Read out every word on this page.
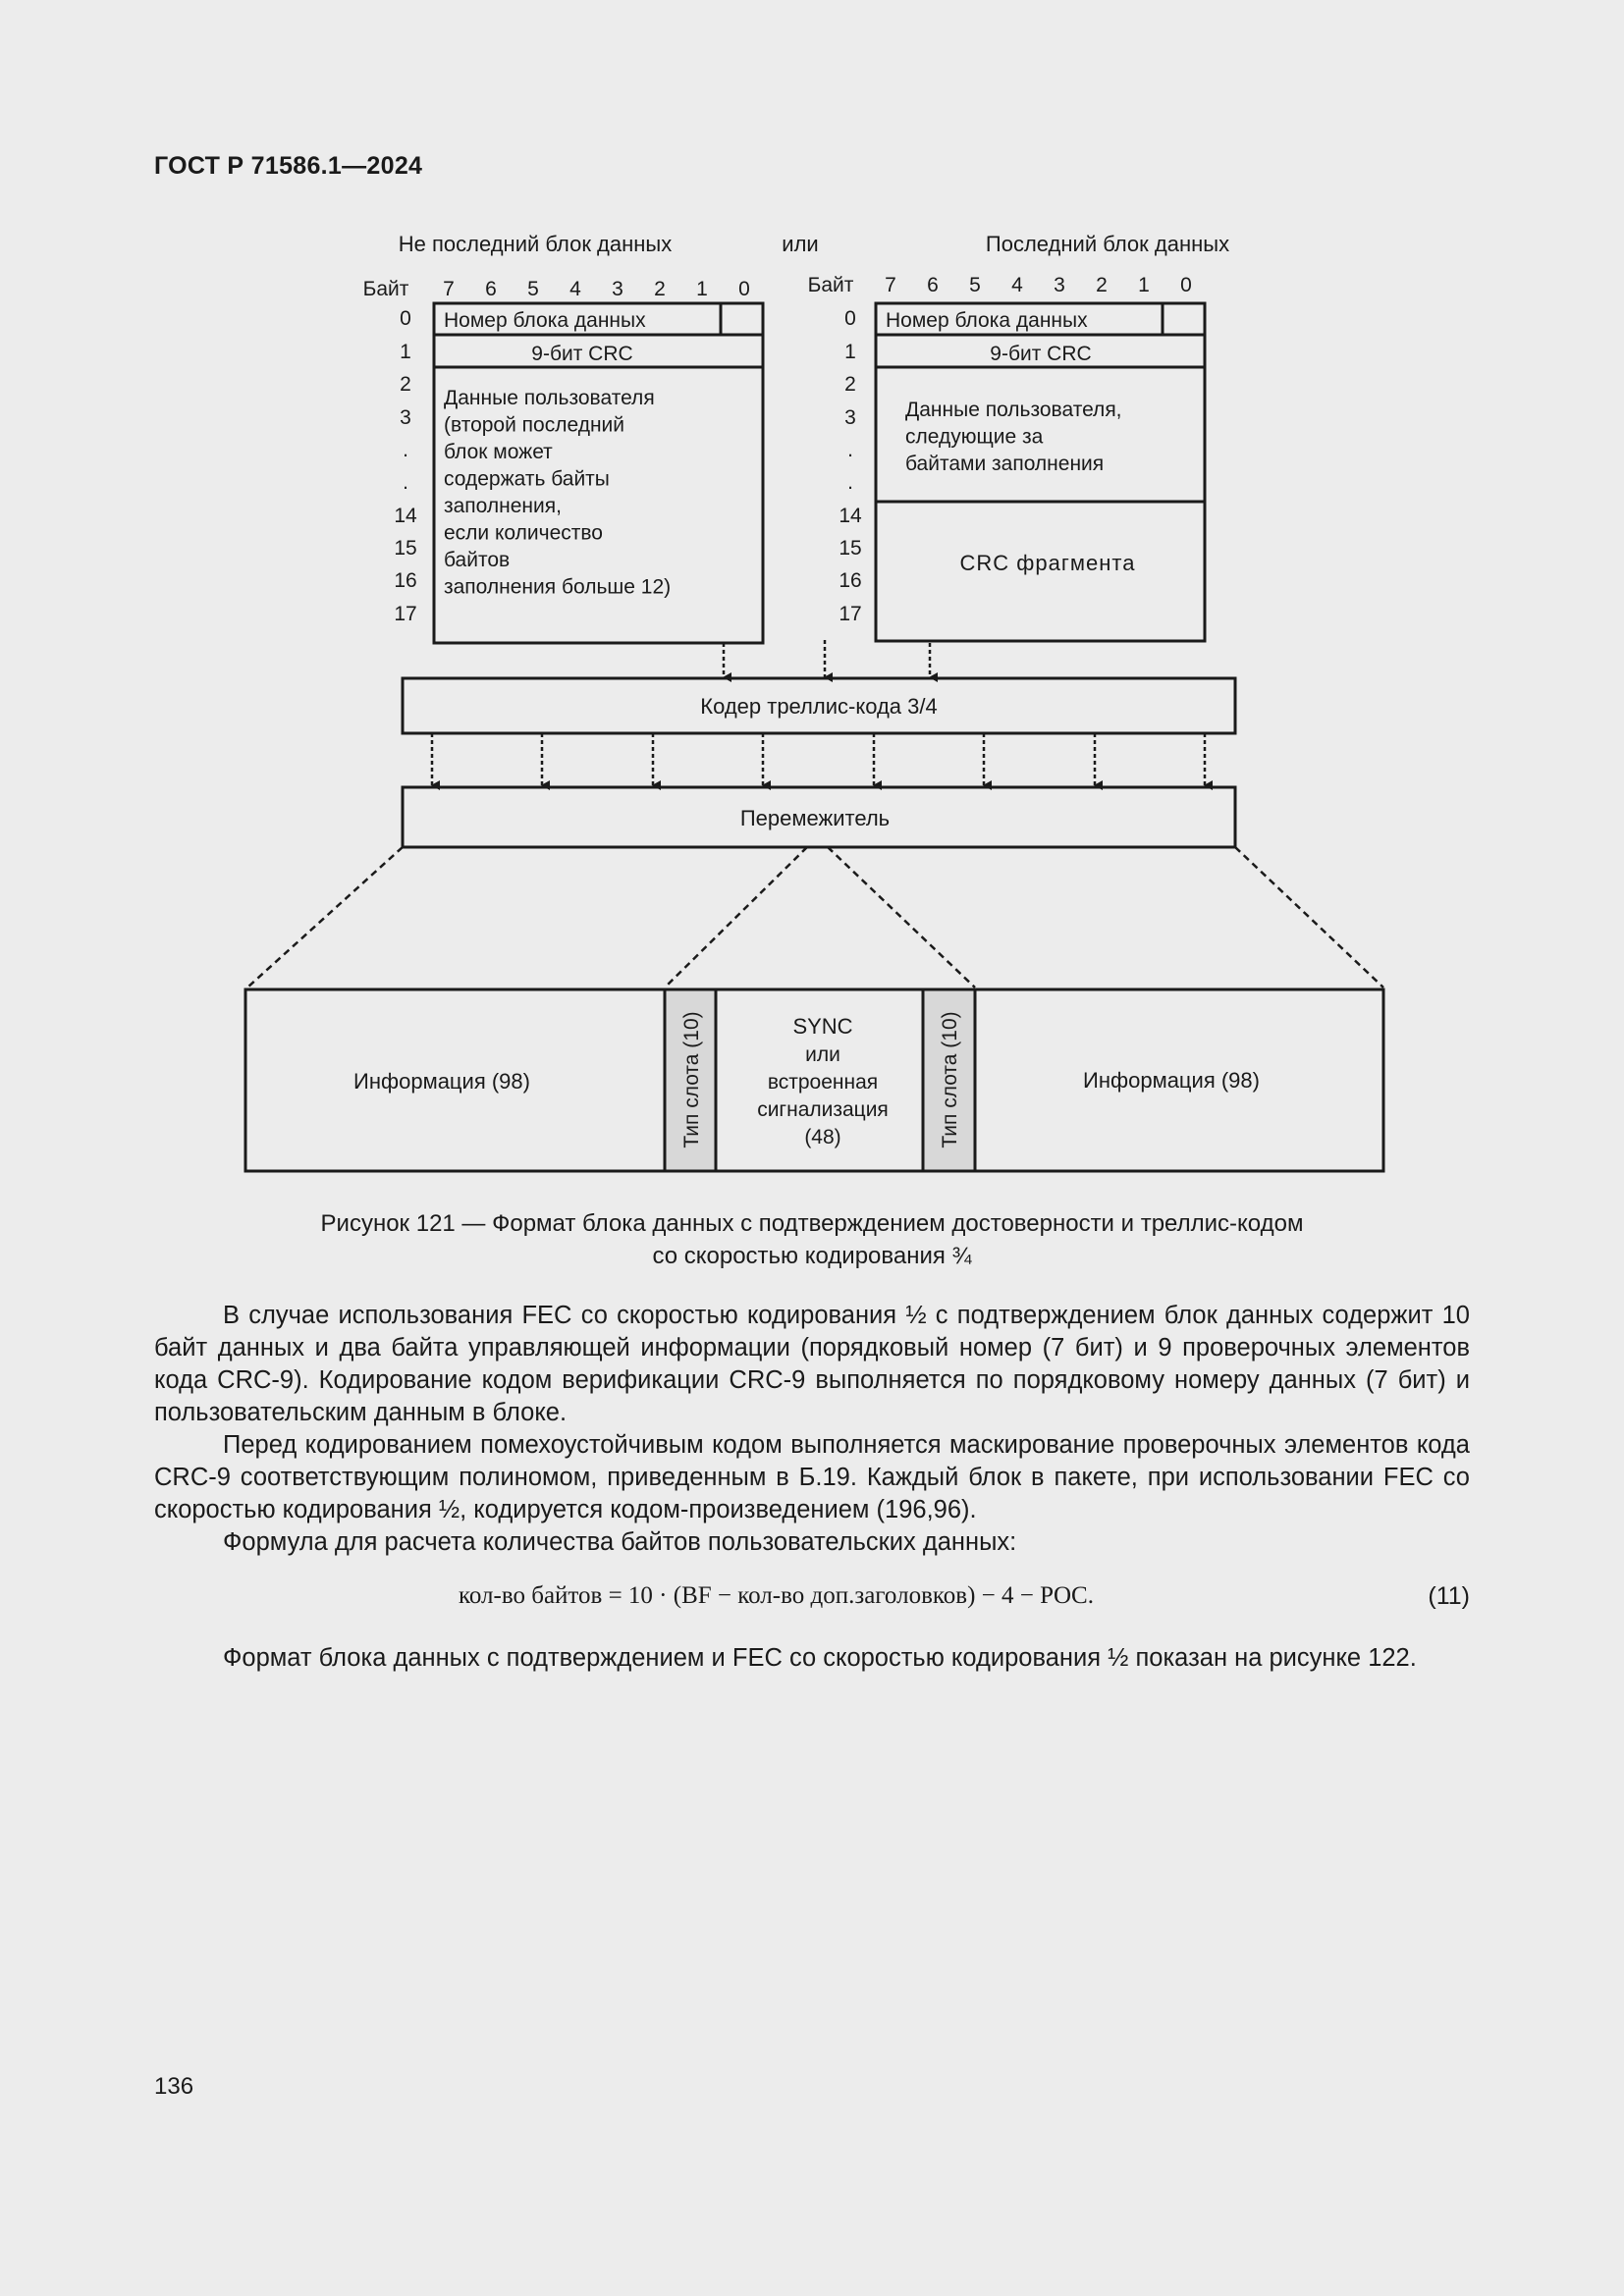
ГОСТ Р 71586.1—2024
Не последний блок данных	или	Последний блок данных
Байт 7 6 5 4 3 2 1 0
0
1
2
3
.
.
14
15
16
17
Байт 7 6 5 4 3 2 1 0
0
1
2
3
.
.
14
15
16
17
Номер блока данных
9-бит CRC
Данные пользователя
(второй последний
блок может
содержать байты
заполнения,
если количество
байтов
заполнения больше 12)
Номер блока данных
9-бит CRC
Данные пользователя,
следующие за
байтами заполнения
CRC фрагмента
Кодер треллис-кода 3/4
Перемежитель
Информация (98)	Тип слота (10)	Тип слота (10)
SYNC
или
встроенная
сигнализация
(48)
Информация (98)
Рисунок 121 — Формат блока данных с подтверждением достоверности и треллис-кодом
со скоростью кодирования ¾

В случае использования FEC со скоростью кодирования ½ с подтверждением блок данных содержит 10 байт данных и два байта управляющей информации (порядковый номер (7 бит) и 9 проверочных элементов кода CRC-9). Кодирование кодом верификации CRC-9 выполняется по порядковому номеру данных (7 бит) и пользовательским данным в блоке.

Перед кодированием помехоустойчивым кодом выполняется маскирование проверочных элементов кода CRC-9 соответствующим полиномом, приведенным в Б.19. Каждый блок в пакете, при использовании FEC со скоростью кодирования ½, кодируется кодом-произведением (196,96).

Формула для расчета количества байтов пользовательских данных:

кол-во байтов = 10 · (BF − кол-во доп.заголовков) − 4 − POC.	(11)

Формат блока данных с подтверждением и FEC со скоростью кодирования ½ показан на рисунке 122.

136
